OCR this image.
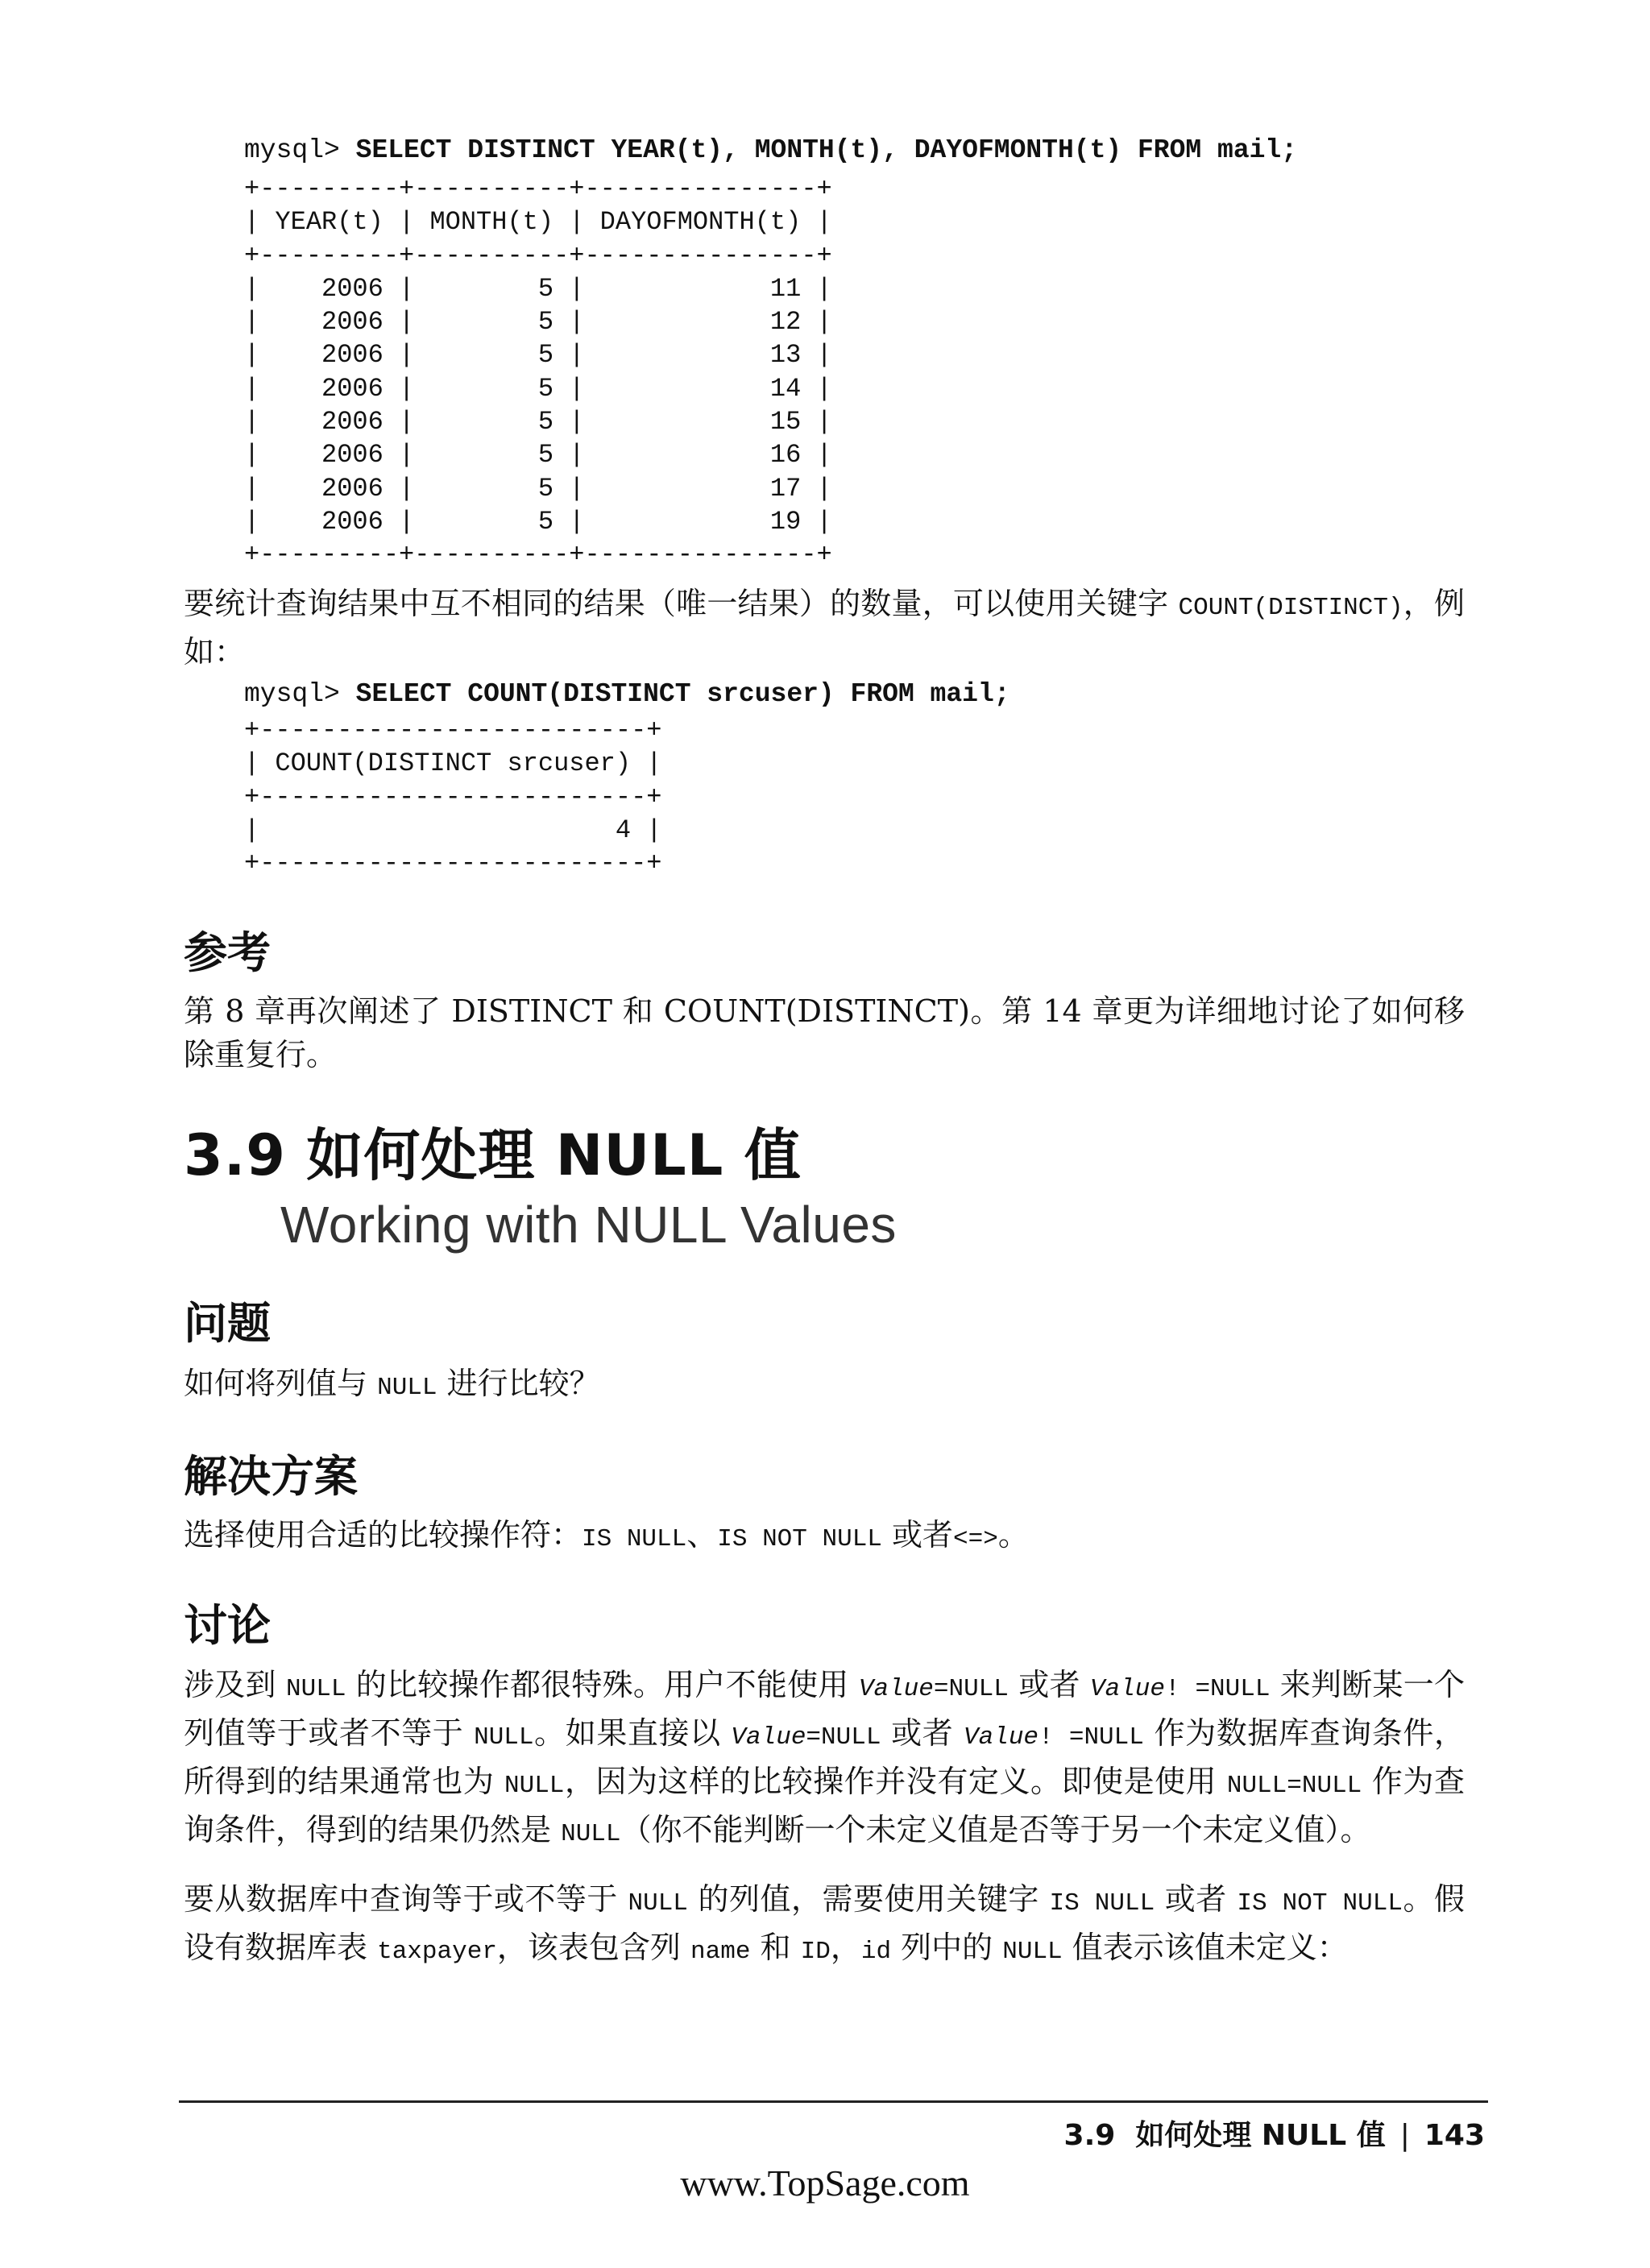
mysql> SELECT DISTINCT YEAR(t), MONTH(t), DAYOFMONTH(t) FROM mail;
+---------+----------+---------------+
| YEAR(t) | MONTH(t) | DAYOFMONTH(t) |
+---------+----------+---------------+
|    2006 |        5 |            11 |
|    2006 |        5 |            12 |
|    2006 |        5 |            13 |
|    2006 |        5 |            14 |
|    2006 |        5 |            15 |
|    2006 |        5 |            16 |
|    2006 |        5 |            17 |
|    2006 |        5 |            19 |
+---------+----------+---------------+
要统计查询结果中互不相同的结果（唯一结果）的数量，可以使用关键字 COUNT(DISTINCT)，例如：
mysql> SELECT COUNT(DISTINCT srcuser) FROM mail;
+-------------------------+
| COUNT(DISTINCT srcuser) |
+-------------------------+
|                       4 |
+-------------------------+
参考
第 8 章再次阐述了 DISTINCT 和 COUNT(DISTINCT)。第 14 章更为详细地讨论了如何移除重复行。
3.9 如何处理 NULL 值
Working with NULL Values
问题
如何将列值与 NULL 进行比较？
解决方案
选择使用合适的比较操作符：IS NULL、IS NOT NULL 或者<=>。
讨论
涉及到 NULL 的比较操作都很特殊。用户不能使用 Value=NULL 或者 Value! =NULL 来判断某一个列值等于或者不等于 NULL。如果直接以 Value=NULL 或者 Value! =NULL 作为数据库查询条件，所得到的结果通常也为 NULL，因为这样的比较操作并没有定义。即使是使用 NULL=NULL 作为查询条件，得到的结果仍然是 NULL（你不能判断一个未定义值是否等于另一个未定义值）。
要从数据库中查询等于或不等于 NULL 的列值，需要使用关键字 IS NULL 或者 IS NOT NULL。假设有数据库表 taxpayer，该表包含列 name 和 ID，id 列中的 NULL 值表示该值未定义：
3.9  如何处理 NULL 值 | 143
www.TopSage.com
